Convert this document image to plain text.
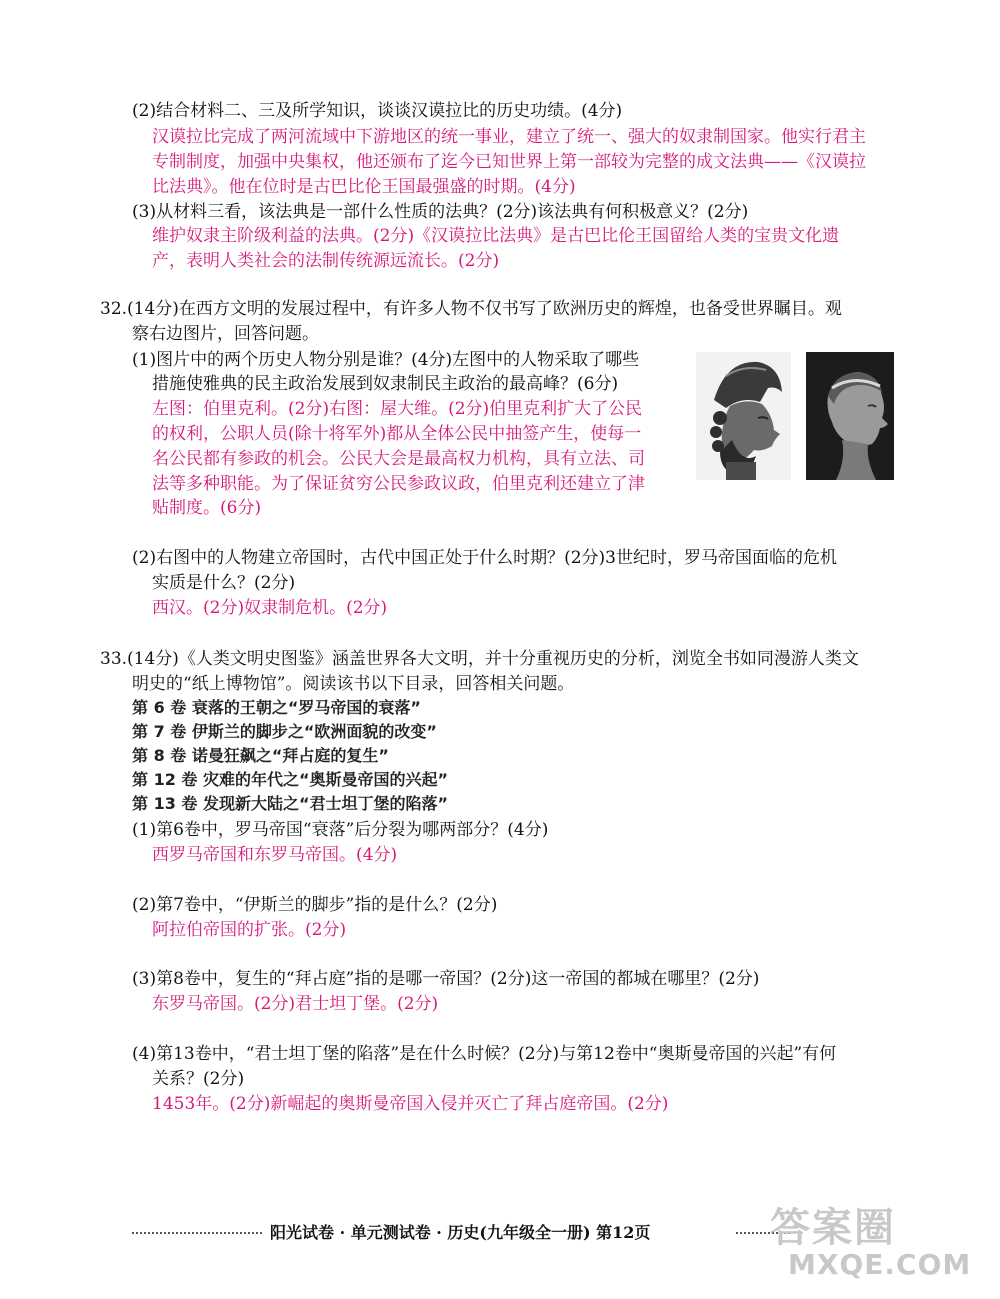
(2)结合材料二、三及所学知识，谈谈汉谟拉比的历史功绩。(4分)
汉谟拉比完成了两河流域中下游地区的统一事业，建立了统一、强大的奴隶制国家。他实行君主
专制制度，加强中央集权，他还颁布了迄今已知世界上第一部较为完整的成文法典——《汉谟拉
比法典》。他在位时是古巴比伦王国最强盛的时期。(4分)
(3)从材料三看，该法典是一部什么性质的法典？(2分)该法典有何积极意义？(2分)
维护奴隶主阶级利益的法典。(2分)《汉谟拉比法典》是古巴比伦王国留给人类的宝贵文化遗
产，表明人类社会的法制传统源远流长。(2分)
32.(14分)在西方文明的发展过程中，有许多人物不仅书写了欧洲历史的辉煌，也备受世界瞩目。观
察右边图片，回答问题。
(1)图片中的两个历史人物分别是谁？(4分)左图中的人物采取了哪些
措施使雅典的民主政治发展到奴隶制民主政治的最高峰？(6分)
左图：伯里克利。(2分)右图：屋大维。(2分)伯里克利扩大了公民
的权利，公职人员(除十将军外)都从全体公民中抽签产生，使每一
名公民都有参政的机会。公民大会是最高权力机构，具有立法、司
法等多种职能。为了保证贫穷公民参政议政，伯里克利还建立了津
贴制度。(6分)
(2)右图中的人物建立帝国时，古代中国正处于什么时期？(2分)3世纪时，罗马帝国面临的危机
实质是什么？(2分)
西汉。(2分)奴隶制危机。(2分)
33.(14分)《人类文明史图鉴》涵盖世界各大文明，并十分重视历史的分析，浏览全书如同漫游人类文
明史的“纸上博物馆”。阅读该书以下目录，回答相关问题。
第 6 卷 衰落的王朝之“罗马帝国的衰落”
第 7 卷 伊斯兰的脚步之“欧洲面貌的改变”
第 8 卷 诺曼狂飙之“拜占庭的复生”
第 12 卷 灾难的年代之“奥斯曼帝国的兴起”
第 13 卷 发现新大陆之“君士坦丁堡的陷落”
(1)第6卷中，罗马帝国“衰落”后分裂为哪两部分？(4分)
西罗马帝国和东罗马帝国。(4分)
(2)第7卷中，“伊斯兰的脚步”指的是什么？(2分)
阿拉伯帝国的扩张。(2分)
(3)第8卷中，复生的“拜占庭”指的是哪一帝国？(2分)这一帝国的都城在哪里？(2分)
东罗马帝国。(2分)君士坦丁堡。(2分)
(4)第13卷中，“君士坦丁堡的陷落”是在什么时候？(2分)与第12卷中“奥斯曼帝国的兴起”有何
关系？(2分)
1453年。(2分)新崛起的奥斯曼帝国入侵并灭亡了拜占庭帝国。(2分)
阳光试卷 · 单元测试卷 · 历史(九年级全一册) 第12页	答案圈
MXQE.COM
